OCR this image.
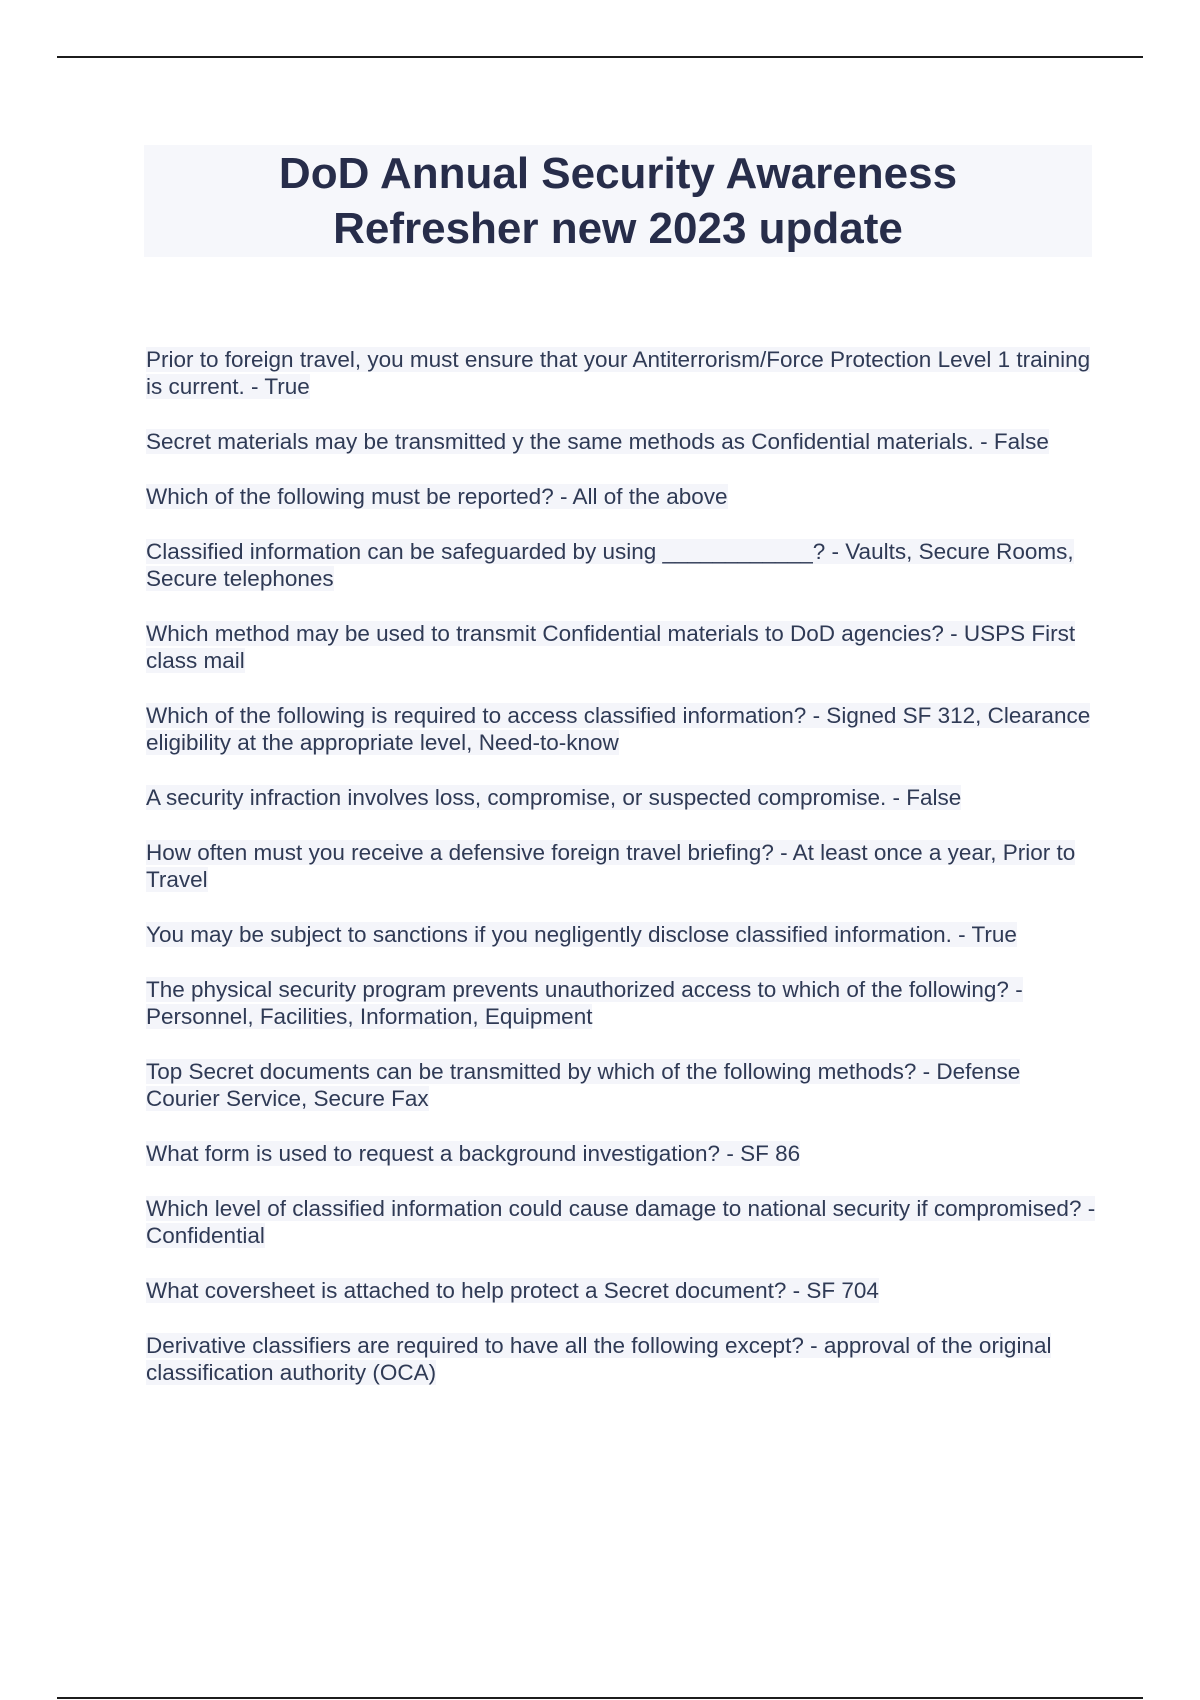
DoD Annual Security Awareness
Refresher new 2023 update
Prior to foreign travel, you must ensure that your Antiterrorism/Force Protection Level 1 training is current. - True
Secret materials may be transmitted y the same methods as Confidential materials. - False
Which of the following must be reported? - All of the above
Classified information can be safeguarded by using ____________? - Vaults, Secure Rooms, Secure telephones
Which method may be used to transmit Confidential materials to DoD agencies? - USPS First class mail
Which of the following is required to access classified information? - Signed SF 312, Clearance eligibility at the appropriate level, Need-to-know
A security infraction involves loss, compromise, or suspected compromise. - False
How often must you receive a defensive foreign travel briefing? - At least once a year, Prior to Travel
You may be subject to sanctions if you negligently disclose classified information. - True
The physical security program prevents unauthorized access to which of the following? - Personnel, Facilities, Information, Equipment
Top Secret documents can be transmitted by which of the following methods? - Defense Courier Service, Secure Fax
What form is used to request a background investigation? - SF 86
Which level of classified information could cause damage to national security if compromised? - Confidential
What coversheet is attached to help protect a Secret document? - SF 704
Derivative classifiers are required to have all the following except? - approval of the original classification authority (OCA)
